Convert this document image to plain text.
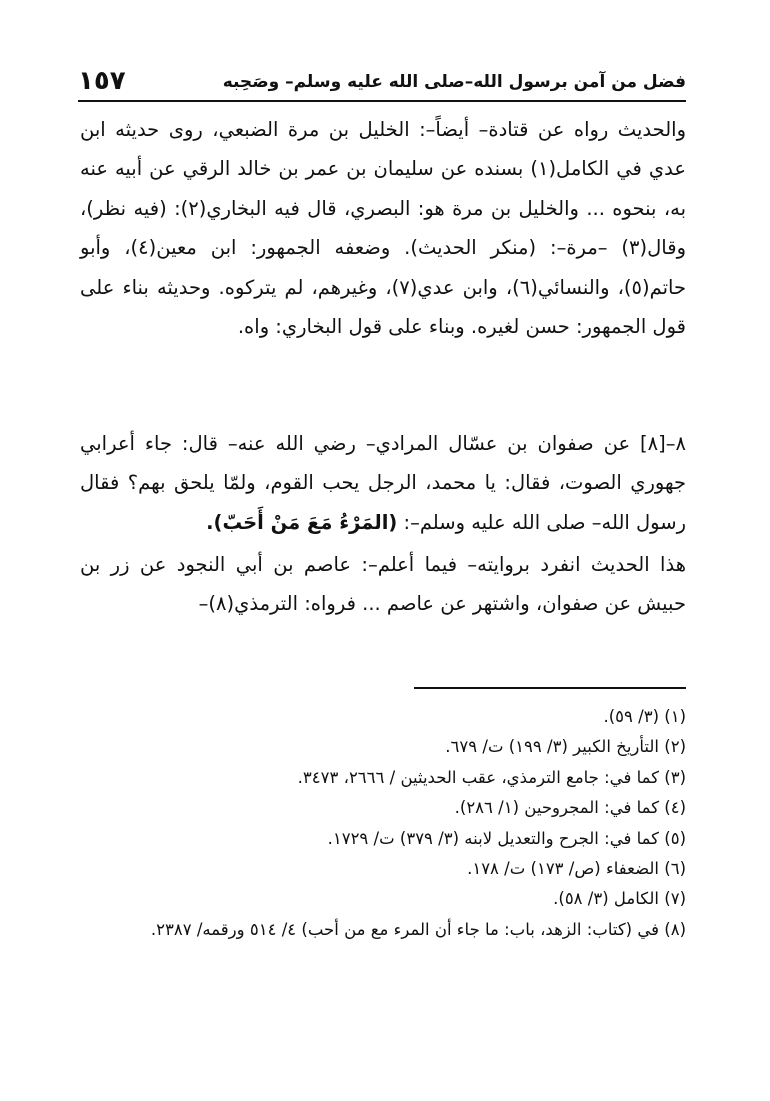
١٥٧	فضل من آمن برسول الله–صلى الله عليه وسلم– وصَحِبه

والحديث رواه عن قتادة– أيضاً–: الخليل بن مرة الضبعي، روى حديثه ابن عدي في الكامل(١) بسنده عن سليمان بن عمر بن خالد الرقي عن أبيه عنه به، بنحوه ... والخليل بن مرة هو: البصري، قال فيه البخاري(٢): (فيه نظر)، وقال(٣) –مرة–: (منكر الحديث). وضعفه الجمهور: ابن معين(٤)، وأبو حاتم(٥)، والنسائي(٦)، وابن عدي(٧)، وغيرهم، لم يتركوه. وحديثه بناء على قول الجمهور: حسن لغيره. وبناء على قول البخاري: واه.

٨–[٨] عن صفوان بن عسّال المرادي– رضي الله عنه– قال: جاء أعرابي جهوري الصوت، فقال: يا محمد، الرجل يحب القوم، ولمّا يلحق بهم؟ فقال رسول الله– صلى الله عليه وسلم–: (المَرْءُ مَعَ مَنْ أَحَبّ).

هذا الحديث انفرد بروايته– فيما أعلم–: عاصم بن أبي النجود عن زر بن حبيش عن صفوان، واشتهر عن عاصم ... فرواه: الترمذي(٨)–

(١) (٣/ ٥٩).
(٢) التأريخ الكبير (٣/ ١٩٩) ت/ ٦٧٩.
(٣) كما في: جامع الترمذي، عقب الحديثين / ٢٦٦٦، ٣٤٧٣.
(٤) كما في: المجروحين (١/ ٢٨٦).
(٥) كما في: الجرح والتعديل لابنه (٣/ ٣٧٩) ت/ ١٧٢٩.
(٦) الضعفاء (ص/ ١٧٣) ت/ ١٧٨.
(٧) الكامل (٣/ ٥٨).
(٨) في (كتاب: الزهد، باب: ما جاء أن المرء مع من أحب) ٤/ ٥١٤ ورقمه/ ٢٣٨٧.
